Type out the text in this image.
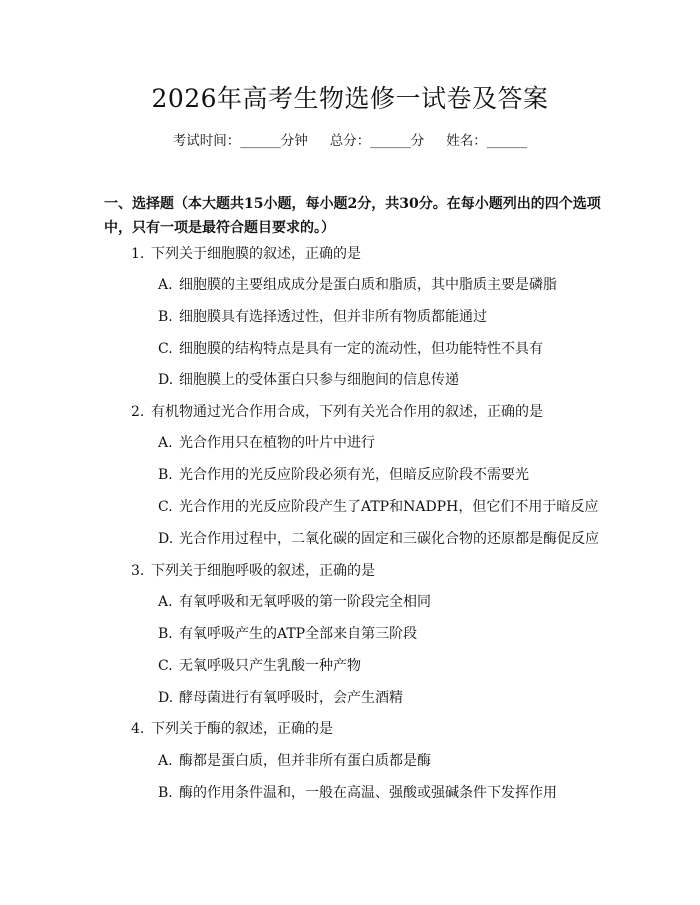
2026年高考生物选修一试卷及答案
考试时间：______分钟 总分：______分 姓名：______
一、选择题（本大题共15小题，每小题2分，共30分。在每小题列出的四个选项中，只有一项是最符合题目要求的。）
1. 下列关于细胞膜的叙述，正确的是
A. 细胞膜的主要组成成分是蛋白质和脂质，其中脂质主要是磷脂
B. 细胞膜具有选择透过性，但并非所有物质都能通过
C. 细胞膜的结构特点是具有一定的流动性，但功能特性不具有
D. 细胞膜上的受体蛋白只参与细胞间的信息传递
2. 有机物通过光合作用合成，下列有关光合作用的叙述，正确的是
A. 光合作用只在植物的叶片中进行
B. 光合作用的光反应阶段必须有光，但暗反应阶段不需要光
C. 光合作用的光反应阶段产生了ATP和NADPH，但它们不用于暗反应
D. 光合作用过程中，二氧化碳的固定和三碳化合物的还原都是酶促反应
3. 下列关于细胞呼吸的叙述，正确的是
A. 有氧呼吸和无氧呼吸的第一阶段完全相同
B. 有氧呼吸产生的ATP全部来自第三阶段
C. 无氧呼吸只产生乳酸一种产物
D. 酵母菌进行有氧呼吸时，会产生酒精
4. 下列关于酶的叙述，正确的是
A. 酶都是蛋白质，但并非所有蛋白质都是酶
B. 酶的作用条件温和，一般在高温、强酸或强碱条件下发挥作用
